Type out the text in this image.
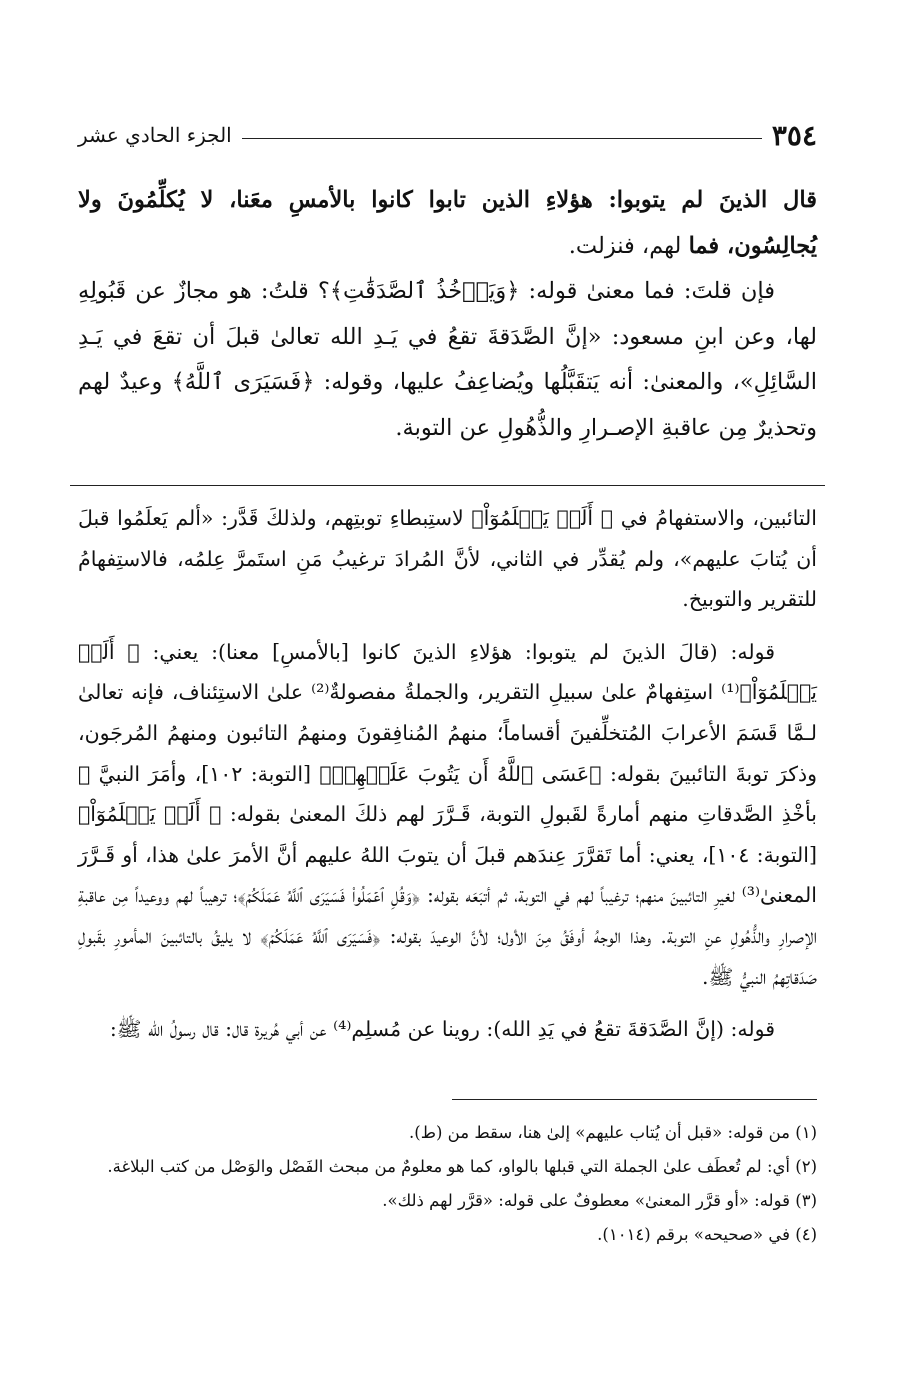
٣٥٤
الجزء الحادي عشر

قال الذينَ لم يتوبوا: هؤلاءِ الذين تابوا كانوا بالأمسِ معَنا، لا يُكلِّمُونَ ولا يُجالِسُون، فما لهم، فنزلت.

فإن قلتَ: فما معنىٰ قوله: ﴿وَيَأۡخُذُ ٱلصَّدَقَٰتِ﴾؟ قلتُ: هو مجازٌ عن قَبُولِهِ لها، وعن ابنِ مسعود: «إنَّ الصَّدَقةَ تقعُ في يَـدِ الله تعالىٰ قبلَ أن تقعَ في يَـدِ السَّائِلِ»، والمعنىٰ: أنه يَتقَبَّلُها ويُضاعِفُ عليها، وقوله: ﴿فَسَيَرَى ٱللَّهُ﴾ وعيدٌ لهم وتحذيرٌ مِن عاقبةِ الإصـرارِ والذُّهُولِ عن التوبة.

التائبين، والاستفهامُ في ﴿ أَلَمۡ يَعۡلَمُوٓاْ﴾ لاستِبطاءِ توبتِهم، ولذلكَ قَدَّر: «ألم يَعلَمُوا قبلَ أن يُتابَ عليهم»، ولم يُقدِّر في الثاني، لأنَّ المُرادَ ترغيبُ مَنِ استَمرَّ عِلمُه، فالاستِفهامُ للتقرير والتوبيخ.

قوله: (قالَ الذينَ لم يتوبوا: هؤلاءِ الذينَ كانوا [بالأمسِ] معنا): يعني: ﴿ أَلَمۡ يَعۡلَمُوٓاْ﴾⁽¹⁾ استِفهامٌ علىٰ سبيلِ التقرير، والجملةُ مفصولةٌ⁽²⁾ علىٰ الاستِئناف، فإنه تعالىٰ لـمَّا قَسَمَ الأعرابَ المُتخلِّفينَ أقساماً؛ منهمُ المُنافِقونَ ومنهمُ التائبون ومنهمُ المُرجَون، وذكرَ توبةَ التائبينَ بقوله: ﴿عَسَى ٱللَّهُ أَن يَتُوبَ عَلَيۡهِمۡ﴾ [التوبة: ١٠٢]، وأمَرَ النبيَّ ﷺ بأخْذِ الصَّدقاتِ منهم أمارةً لقَبولِ التوبة، قَـرَّرَ لهم ذلكَ المعنىٰ بقوله: ﴿ أَلَمۡ يَعۡلَمُوٓاْ﴾ [التوبة: ١٠٤]، يعني: أما تَقرَّرَ عِندَهم قبلَ أن يتوبَ اللهُ عليهم أنَّ الأمرَ علىٰ هذا، أو قَـرَّرَ المعنىٰ⁽³⁾ لغيرِ التائبينَ منهم؛ ترغيباً لهم في التوبة، ثم أتبَعَه بقوله: ﴿وَقُلِ ٱعۡمَلُواْ فَسَيَرَى ٱللَّهُ عَمَلَكُمۡ﴾؛ ترهيباً لهم ووعيداً مِن عاقبةِ الإصرارِ والذُّهُولِ عنِ التوبة. وهذا الوجهُ أوفَقُ مِنَ الأول؛ لأنَّ الوعيدَ بقوله: ﴿فَسَيَرَى ٱللَّهُ عَمَلَكُمۡ﴾ لا يليقُ بالتائبينَ المأمورِ بقَبولِ صَدَقاتِهمُ النبيُّ ﷺ.

قوله: (إنَّ الصَّدَقةَ تقعُ في يَدِ الله): روينا عن مُسلِم⁽⁴⁾ عن أبي هُريرة قال: قال رسولُ الله ﷺ:

(١) من قوله: «قبل أن يُتاب عليهم» إلىٰ هنا، سقط من (ط).

(٢) أي: لم تُعطَف علىٰ الجملة التي قبلها بالواو، كما هو معلومٌ من مبحث الفَصْل والوَصْل من كتب البلاغة.

(٣) قوله: «أو قرَّر المعنىٰ» معطوفٌ على قوله: «قرَّر لهم ذلك».

(٤) في «صحيحه» برقم (١٠١٤).
